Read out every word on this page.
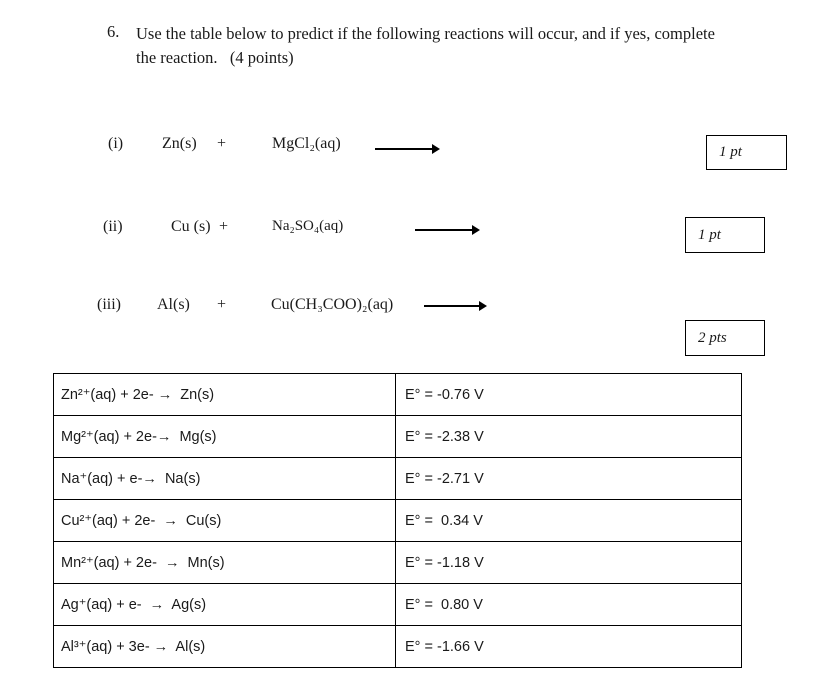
6. Use the table below to predict if the following reactions will occur, and if yes, complete
the reaction.   (4 points)
(i) Zn(s) +	MgCl₂(aq)	1 pt
(ii)	Cu (s) +	Na₂SO₄(aq)
1 pt
(iii) Al(s) +	Cu(CH₃COO)₂(aq)
2 pts
Zn²⁺(aq) + 2e- →  Zn(s)	E° = -0.76 V
Mg²⁺(aq) + 2e-→  Mg(s)	E° = -2.38 V
Na⁺(aq) + e-→  Na(s)	E° = -2.71 V
Cu²⁺(aq) + 2e-  →  Cu(s)	E° =  0.34 V
Mn²⁺(aq) + 2e-  →  Mn(s)	E° = -1.18 V
Ag⁺(aq) + e-  →  Ag(s)	E° =  0.80 V
Al³⁺(aq) + 3e- →  Al(s)	E° = -1.66 V
